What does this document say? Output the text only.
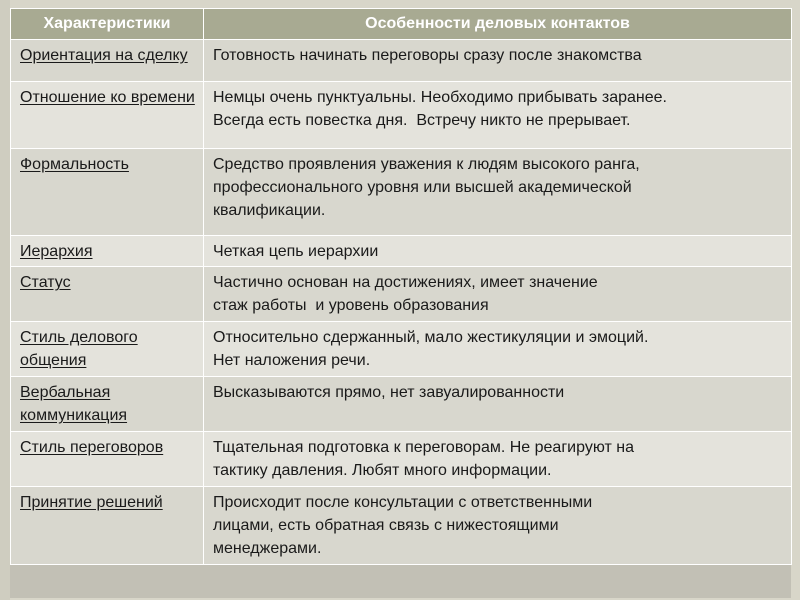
Характеристики	Особенности деловых контактов
Ориентация на сделку	Готовность начинать переговоры сразу после знакомства

Отношение ко времени	Немцы очень пунктуальны. Необходимо прибывать заранее.
Всегда есть повестка дня.  Встречу никто не прерывает.

Формальность	Средство проявления уважения к людям высокого ранга,
профессионального уровня или высшей академической
квалификации.

Иерархия	Четкая цепь иерархии

Статус	Частично основан на достижениях, имеет значение
стаж работы  и уровень образования

Стиль делового общения	Относительно сдержанный, мало жестикуляции и эмоций.
Нет наложения речи.

Вербальная коммуникация	Высказываются прямо, нет завуалированности

Стиль переговоров	Тщательная подготовка к переговорам. Не реагируют на
тактику давления. Любят много информации.

Принятие решений	Происходит после консультации с ответственными
лицами, есть обратная связь с нижестоящими
менеджерами.
